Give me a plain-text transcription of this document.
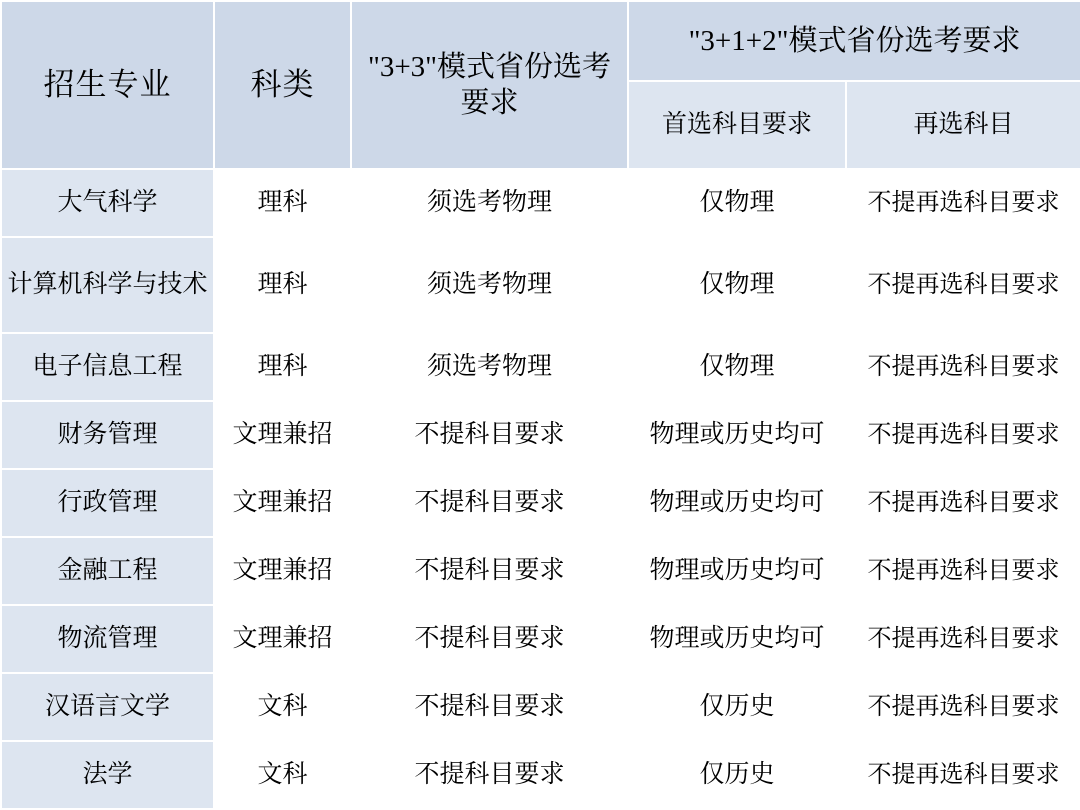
招生专业	科类	"3+3"模式省份选考要求	"3+1+2"模式省份选考要求	
			首选科目要求	再选科目
大气科学	理科	须选考物理	仅物理	不提再选科目要求
计算机科学与技术	理科	须选考物理	仅物理	不提再选科目要求
电子信息工程	理科	须选考物理	仅物理	不提再选科目要求
财务管理	文理兼招	不提科目要求	物理或历史均可	不提再选科目要求
行政管理	文理兼招	不提科目要求	物理或历史均可	不提再选科目要求
金融工程	文理兼招	不提科目要求	物理或历史均可	不提再选科目要求
物流管理	文理兼招	不提科目要求	物理或历史均可	不提再选科目要求
汉语言文学	文科	不提科目要求	仅历史	不提再选科目要求
法学	文科	不提科目要求	仅历史	不提再选科目要求
